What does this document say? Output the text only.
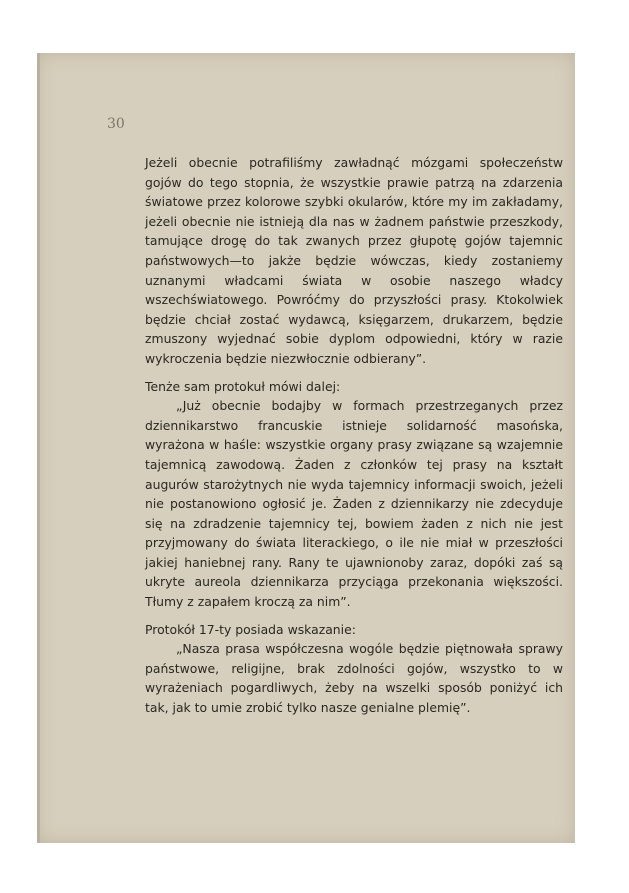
30

Jeżeli obecnie potrafiliśmy zawładnąć mózgami społeczeństw gojów do tego stopnia, że wszystkie prawie patrzą na zdarzenia światowe przez kolorowe szybki okularów, które my im zakładamy, jeżeli obecnie nie istnieją dla nas w żadnem państwie przeszkody, tamujące drogę do tak zwanych przez głupotę gojów tajemnic państwowych—to jakże będzie wówczas, kiedy zostaniemy uznanymi władcami świata w osobie naszego władcy wszechświatowego. Powróćmy do przyszłości prasy. Ktokolwiek będzie chciał zostać wydawcą, księgarzem, drukarzem, będzie zmuszony wyjednać sobie dyplom odpowiedni, który w razie wykroczenia będzie niezwłocznie odbierany”.

Tenże sam protokuł mówi dalej:

„Już obecnie bodajby w formach przestrzeganych przez dziennikarstwo francuskie istnieje solidarność masońska, wyrażona w haśle: wszystkie organy prasy związane są wzajemnie tajemnicą zawodową. Żaden z członków tej prasy na kształt augurów starożytnych nie wyda tajemnicy informacji swoich, jeżeli nie postanowiono ogłosić je. Żaden z dziennikarzy nie zdecyduje się na zdradzenie tajemnicy tej, bowiem żaden z nich nie jest przyjmowany do świata literackiego, o ile nie miał w przeszłości jakiej haniebnej rany. Rany te ujawnionoby zaraz, dopóki zaś są ukryte aureola dziennikarza przyciąga przekonania większości. Tłumy z zapałem kroczą za nim”.

Protokół 17-ty posiada wskazanie:

„Nasza prasa współczesna wogóle będzie piętnowała sprawy państwowe, religijne, brak zdolności gojów, wszystko to w wyrażeniach pogardliwych, żeby na wszelki sposób poniżyć ich tak, jak to umie zrobić tylko nasze genialne plemię”.
